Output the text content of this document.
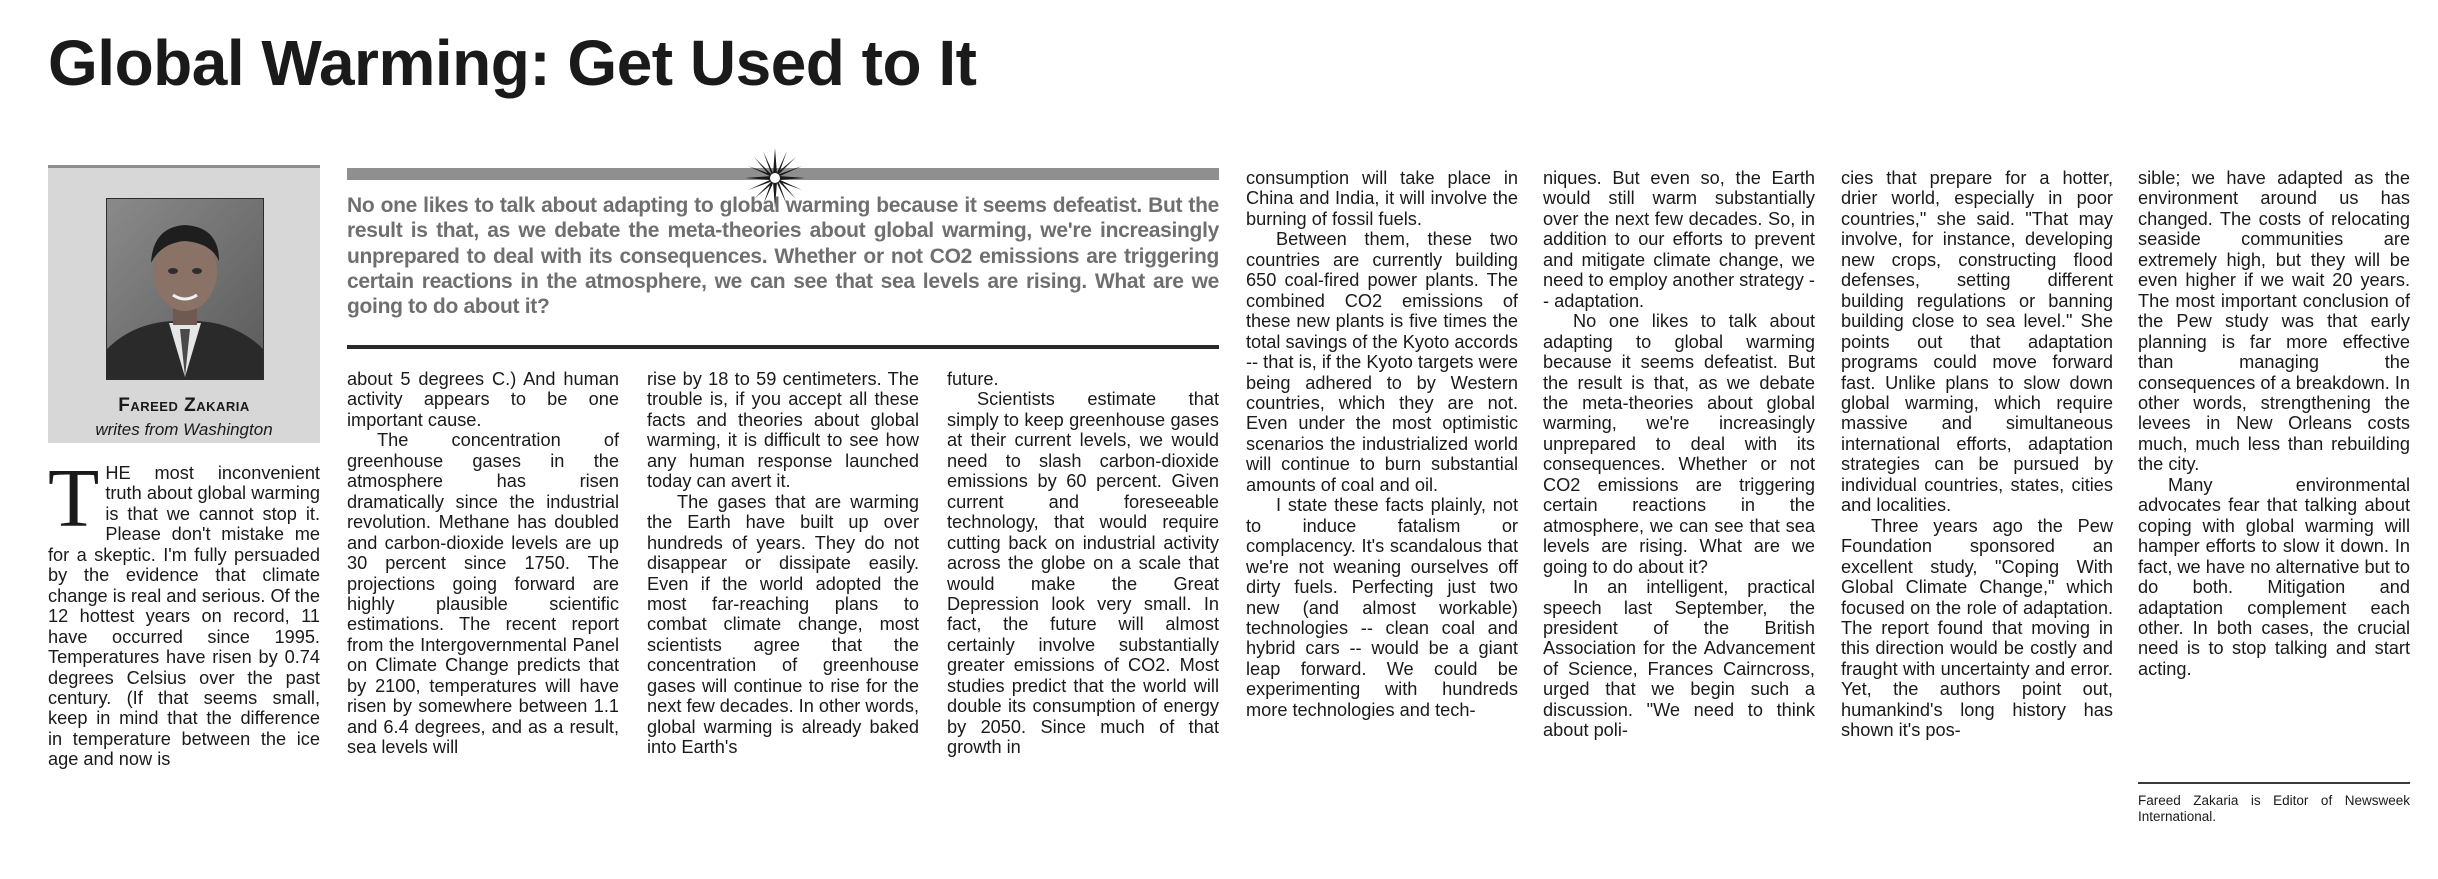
Global Warming: Get Used to It
Fareed Zakaria
writes from Washington

No one likes to talk about adapting to global warming because it seems defeatist. But the result is that, as we debate the meta-theories about global warming, we're increasingly unprepared to deal with its consequences. Whether or not CO2 emissions are triggering certain reactions in the atmosphere, we can see that sea levels are rising. What are we going to do about it?

T HE most inconvenient truth about global warming is that we cannot stop it. Please don't mistake me for a skeptic. I'm fully persuaded by the evidence that climate change is real and serious. Of the 12 hottest years on record, 11 have occurred since 1995. Temperatures have risen by 0.74 degrees Celsius over the past century. (If that seems small, keep in mind that the difference in temperature between the ice age and now is

about 5 degrees C.) And human activity appears to be one important cause.

The concentration of greenhouse gases in the atmosphere has risen dramatically since the industrial revolution. Methane has doubled and carbon-dioxide levels are up 30 percent since 1750. The projections going forward are highly plausible scientific estimations. The recent report from the Intergovernmental Panel on Climate Change predicts that by 2100, temperatures will have risen by somewhere between 1.1 and 6.4 degrees, and as a result, sea levels will

rise by 18 to 59 centimeters. The trouble is, if you accept all these facts and theories about global warming, it is difficult to see how any human response launched today can avert it.

The gases that are warming the Earth have built up over hundreds of years. They do not disappear or dissipate easily. Even if the world adopted the most far-reaching plans to combat climate change, most scientists agree that the concentration of greenhouse gases will continue to rise for the next few decades. In other words, global warming is already baked into Earth's

future.

Scientists estimate that simply to keep greenhouse gases at their current levels, we would need to slash carbon-dioxide emissions by 60 percent. Given current and foreseeable technology, that would require cutting back on industrial activity across the globe on a scale that would make the Great Depression look very small. In fact, the future will almost certainly involve substantially greater emissions of CO2. Most studies predict that the world will double its consumption of energy by 2050. Since much of that growth in

consumption will take place in China and India, it will involve the burning of fossil fuels.

Between them, these two countries are currently building 650 coal-fired power plants. The combined CO2 emissions of these new plants is five times the total savings of the Kyoto accords -- that is, if the Kyoto targets were being adhered to by Western countries, which they are not. Even under the most optimistic scenarios the industrialized world will continue to burn substantial amounts of coal and oil.

I state these facts plainly, not to induce fatalism or complacency. It's scandalous that we're not weaning ourselves off dirty fuels. Perfecting just two new (and almost workable) technologies -- clean coal and hybrid cars -- would be a giant leap forward. We could be experimenting with hundreds more technologies and tech-

niques. But even so, the Earth would still warm substantially over the next few decades. So, in addition to our efforts to prevent and mitigate climate change, we need to employ another strategy -- adaptation.

No one likes to talk about adapting to global warming because it seems defeatist. But the result is that, as we debate the meta-theories about global warming, we're increasingly unprepared to deal with its consequences. Whether or not CO2 emissions are triggering certain reactions in the atmosphere, we can see that sea levels are rising. What are we going to do about it?

In an intelligent, practical speech last September, the president of the British Association for the Advancement of Science, Frances Cairncross, urged that we begin such a discussion. "We need to think about poli-

cies that prepare for a hotter, drier world, especially in poor countries," she said. "That may involve, for instance, developing new crops, constructing flood defenses, setting different building regulations or banning building close to sea level." She points out that adaptation programs could move forward fast. Unlike plans to slow down global warming, which require massive and simultaneous international efforts, adaptation strategies can be pursued by individual countries, states, cities and localities.

Three years ago the Pew Foundation sponsored an excellent study, "Coping With Global Climate Change," which focused on the role of adaptation. The report found that moving in this direction would be costly and fraught with uncertainty and error. Yet, the authors point out, humankind's long history has shown it's pos-

sible; we have adapted as the environment around us has changed. The costs of relocating seaside communities are extremely high, but they will be even higher if we wait 20 years. The most important conclusion of the Pew study was that early planning is far more effective than managing the consequences of a breakdown. In other words, strengthening the levees in New Orleans costs much, much less than rebuilding the city.

Many environmental advocates fear that talking about coping with global warming will hamper efforts to slow it down. In fact, we have no alternative but to do both. Mitigation and adaptation complement each other. In both cases, the crucial need is to stop talking and start acting.

Fareed Zakaria is Editor of Newsweek International.
